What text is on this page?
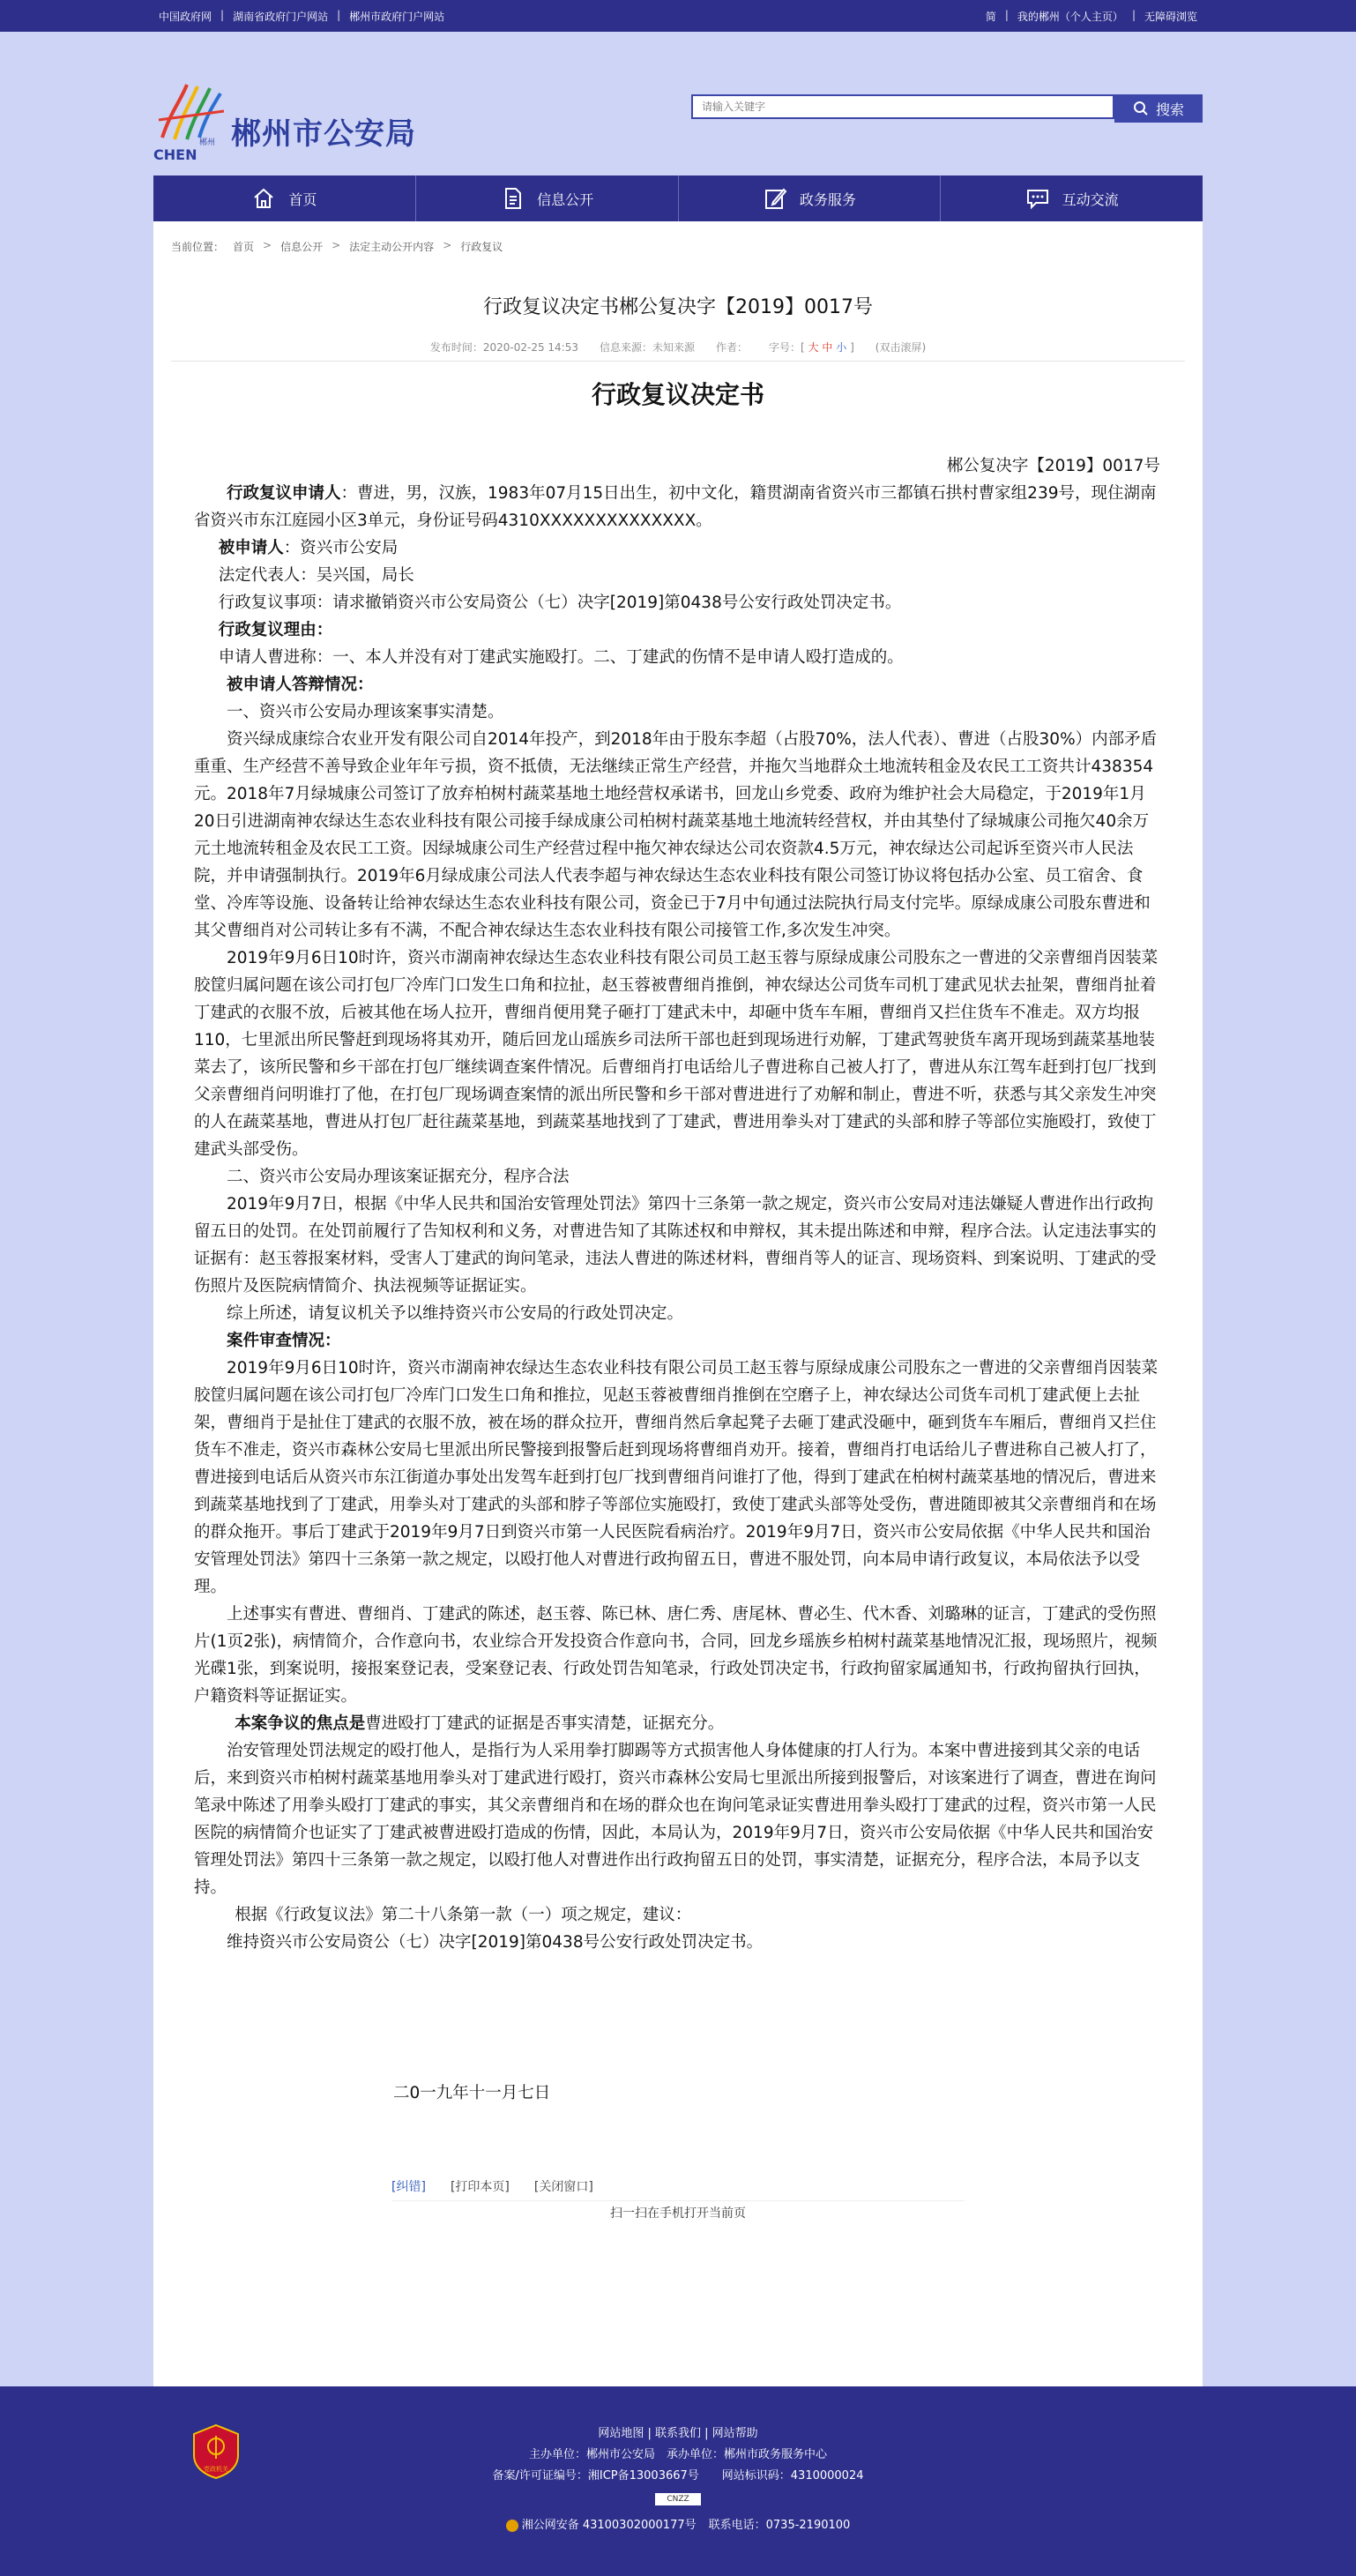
中国政府网 | 湖南省政府门户网站 | 郴州市政府门户网站	简 | 我的郴州（个人主页） | 无障碍浏览
郴州市公安局
郴州
CHEN
请输入关键字
搜索
首页	信息公开	政务服务	互动交流
当前位置： 首页 > 信息公开 > 法定主动公开内容 > 行政复议
行政复议决定书郴公复决字【2019】0017号
发布时间：2020-02-25 14:53 信息来源：未知来源 作者： 字号：[ 大 中 小 ] (双击滚屏)
行政复议决定书

郴公复决字【2019】0017号

行政复议申请人：曹进，男，汉族，1983年07月15日出生，初中文化，籍贯湖南省资兴市三都镇石拱村曹家组239号，现住湖南省资兴市东江庭园小区3单元，身份证号码4310XXXXXXXXXXXXXX。

被申请人：资兴市公安局

法定代表人：吴兴国，局长

行政复议事项：请求撤销资兴市公安局资公（七）决字[2019]第0438号公安行政处罚决定书。

行政复议理由：

申请人曹进称：一、本人并没有对丁建武实施殴打。二、丁建武的伤情不是申请人殴打造成的。

被申请人答辩情况：

一、资兴市公安局办理该案事实清楚。

资兴绿成康综合农业开发有限公司自2014年投产，到2018年由于股东李超（占股70%，法人代表）、曹进（占股30%）内部矛盾重重、生产经营不善导致企业年年亏损，资不抵债，无法继续正常生产经营，并拖欠当地群众土地流转租金及农民工工资共计438354元。2018年7月绿城康公司签订了放弃柏树村蔬菜基地土地经营权承诺书，回龙山乡党委、政府为维护社会大局稳定，于2019年1月20日引进湖南神农绿达生态农业科技有限公司接手绿成康公司柏树村蔬菜基地土地流转经营权，并由其垫付了绿城康公司拖欠40余万元土地流转租金及农民工工资。因绿城康公司生产经营过程中拖欠神农绿达公司农资款4.5万元，神农绿达公司起诉至资兴市人民法院，并申请强制执行。2019年6月绿成康公司法人代表李超与神农绿达生态农业科技有限公司签订协议将包括办公室、员工宿舍、食堂、冷库等设施、设备转让给神农绿达生态农业科技有限公司，资金已于7月中旬通过法院执行局支付完毕。原绿成康公司股东曹进和其父曹细肖对公司转让多有不满，不配合神农绿达生态农业科技有限公司接管工作,多次发生冲突。

2019年9月6日10时许，资兴市湖南神农绿达生态农业科技有限公司员工赵玉蓉与原绿成康公司股东之一曹进的父亲曹细肖因装菜胶筐归属问题在该公司打包厂冷库门口发生口角和拉扯，赵玉蓉被曹细肖推倒，神农绿达公司货车司机丁建武见状去扯架，曹细肖扯着丁建武的衣服不放，后被其他在场人拉开，曹细肖便用凳子砸打丁建武未中，却砸中货车车厢，曹细肖又拦住货车不准走。双方均报110，七里派出所民警赶到现场将其劝开，随后回龙山瑶族乡司法所干部也赶到现场进行劝解，丁建武驾驶货车离开现场到蔬菜基地装菜去了，该所民警和乡干部在打包厂继续调查案件情况。后曹细肖打电话给儿子曹进称自己被人打了，曹进从东江驾车赶到打包厂找到父亲曹细肖问明谁打了他，在打包厂现场调查案情的派出所民警和乡干部对曹进进行了劝解和制止，曹进不听，获悉与其父亲发生冲突的人在蔬菜基地，曹进从打包厂赶往蔬菜基地，到蔬菜基地找到了丁建武，曹进用拳头对丁建武的头部和脖子等部位实施殴打，致使丁建武头部受伤。

二、资兴市公安局办理该案证据充分，程序合法

2019年9月7日，根据《中华人民共和国治安管理处罚法》第四十三条第一款之规定，资兴市公安局对违法嫌疑人曹进作出行政拘留五日的处罚。在处罚前履行了告知权利和义务，对曹进告知了其陈述权和申辩权，其未提出陈述和申辩，程序合法。认定违法事实的证据有：赵玉蓉报案材料，受害人丁建武的询问笔录，违法人曹进的陈述材料，曹细肖等人的证言、现场资料、到案说明、丁建武的受伤照片及医院病情简介、执法视频等证据证实。

综上所述，请复议机关予以维持资兴市公安局的行政处罚决定。

案件审查情况：

2019年9月6日10时许，资兴市湖南神农绿达生态农业科技有限公司员工赵玉蓉与原绿成康公司股东之一曹进的父亲曹细肖因装菜胶筐归属问题在该公司打包厂冷库门口发生口角和推拉，见赵玉蓉被曹细肖推倒在空磨子上，神农绿达公司货车司机丁建武便上去扯架，曹细肖于是扯住丁建武的衣服不放，被在场的群众拉开，曹细肖然后拿起凳子去砸丁建武没砸中，砸到货车车厢后，曹细肖又拦住货车不准走，资兴市森林公安局七里派出所民警接到报警后赶到现场将曹细肖劝开。接着，曹细肖打电话给儿子曹进称自己被人打了，曹进接到电话后从资兴市东江街道办事处出发驾车赶到打包厂找到曹细肖问谁打了他，得到丁建武在柏树村蔬菜基地的情况后，曹进来到蔬菜基地找到了丁建武，用拳头对丁建武的头部和脖子等部位实施殴打，致使丁建武头部等处受伤，曹进随即被其父亲曹细肖和在场的群众拖开。事后丁建武于2019年9月7日到资兴市第一人民医院看病治疗。2019年9月7日，资兴市公安局依据《中华人民共和国治安管理处罚法》第四十三条第一款之规定，以殴打他人对曹进行政拘留五日，曹进不服处罚，向本局申请行政复议，本局依法予以受理。

上述事实有曹进、曹细肖、丁建武的陈述，赵玉蓉、陈已林、唐仁秀、唐尾林、曹必生、代木香、刘璐琳的证言，丁建武的受伤照片(1页2张)，病情简介，合作意向书，农业综合开发投资合作意向书，合同，回龙乡瑶族乡柏树村蔬菜基地情况汇报，现场照片，视频光碟1张，到案说明，接报案登记表，受案登记表、行政处罚告知笔录，行政处罚决定书，行政拘留家属通知书，行政拘留执行回执，户籍资料等证据证实。

本案争议的焦点是曹进殴打丁建武的证据是否事实清楚，证据充分。

治安管理处罚法规定的殴打他人，是指行为人采用拳打脚踢等方式损害他人身体健康的打人行为。本案中曹进接到其父亲的电话后，来到资兴市柏树村蔬菜基地用拳头对丁建武进行殴打，资兴市森林公安局七里派出所接到报警后，对该案进行了调查，曹进在询问笔录中陈述了用拳头殴打丁建武的事实，其父亲曹细肖和在场的群众也在询问笔录证实曹进用拳头殴打丁建武的过程，资兴市第一人民医院的病情简介也证实了丁建武被曹进殴打造成的伤情，因此，本局认为，2019年9月7日，资兴市公安局依据《中华人民共和国治安管理处罚法》第四十三条第一款之规定，以殴打他人对曹进作出行政拘留五日的处罚，事实清楚，证据充分，程序合法，本局予以支持。

根据《行政复议法》第二十八条第一款（一）项之规定，建议：

维持资兴市公安局资公（七）决字[2019]第0438号公安行政处罚决定书。

二0一九年十一月七日
[纠错] [打印本页] [关闭窗口]
扫一扫在手机打开当前页
党政机关
网站地图 | 联系我们 | 网站帮助
主办单位：郴州市公安局　承办单位：郴州市政务服务中心
备案/许可证编号：湘ICP备13003667号　　网站标识码：4310000024
CNZZ
湘公网安备 43100302000177号 联系电话：0735-2190100
